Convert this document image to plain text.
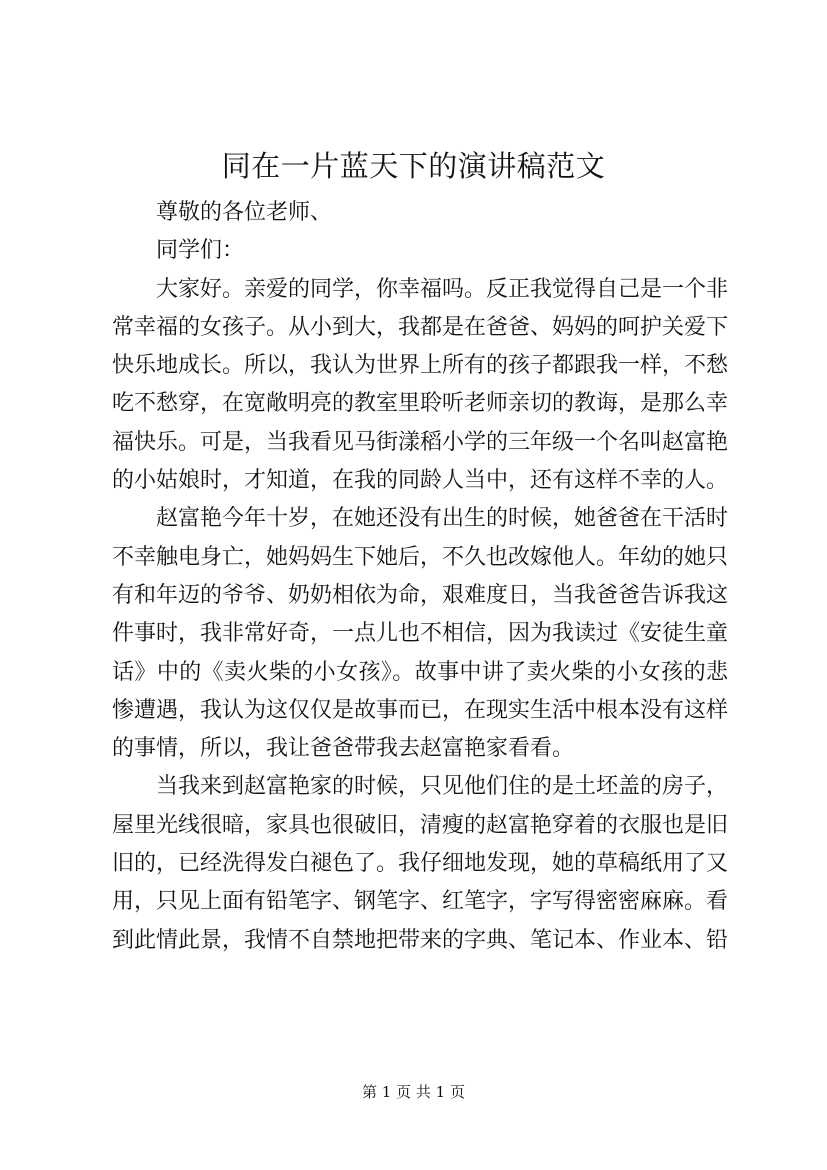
同在一片蓝天下的演讲稿范文
尊敬的各位老师、
同学们：
大家好。亲爱的同学，你幸福吗。反正我觉得自己是一个非
常幸福的女孩子。从小到大，我都是在爸爸、妈妈的呵护关爱下
快乐地成长。所以，我认为世界上所有的孩子都跟我一样，不愁
吃不愁穿，在宽敞明亮的教室里聆听老师亲切的教诲，是那么幸
福快乐。可是，当我看见马街漾稻小学的三年级一个名叫赵富艳
的小姑娘时，才知道，在我的同龄人当中，还有这样不幸的人。
赵富艳今年十岁，在她还没有出生的时候，她爸爸在干活时
不幸触电身亡，她妈妈生下她后，不久也改嫁他人。年幼的她只
有和年迈的爷爷、奶奶相依为命，艰难度日，当我爸爸告诉我这
件事时，我非常好奇，一点儿也不相信，因为我读过《安徒生童
话》中的《卖火柴的小女孩》。故事中讲了卖火柴的小女孩的悲
惨遭遇，我认为这仅仅是故事而已，在现实生活中根本没有这样
的事情，所以，我让爸爸带我去赵富艳家看看。
当我来到赵富艳家的时候，只见他们住的是土坯盖的房子，
屋里光线很暗，家具也很破旧，清瘦的赵富艳穿着的衣服也是旧
旧的，已经洗得发白褪色了。我仔细地发现，她的草稿纸用了又
用，只见上面有铅笔字、钢笔字、红笔字，字写得密密麻麻。看
到此情此景，我情不自禁地把带来的字典、笔记本、作业本、铅
第 1 页 共 1 页
